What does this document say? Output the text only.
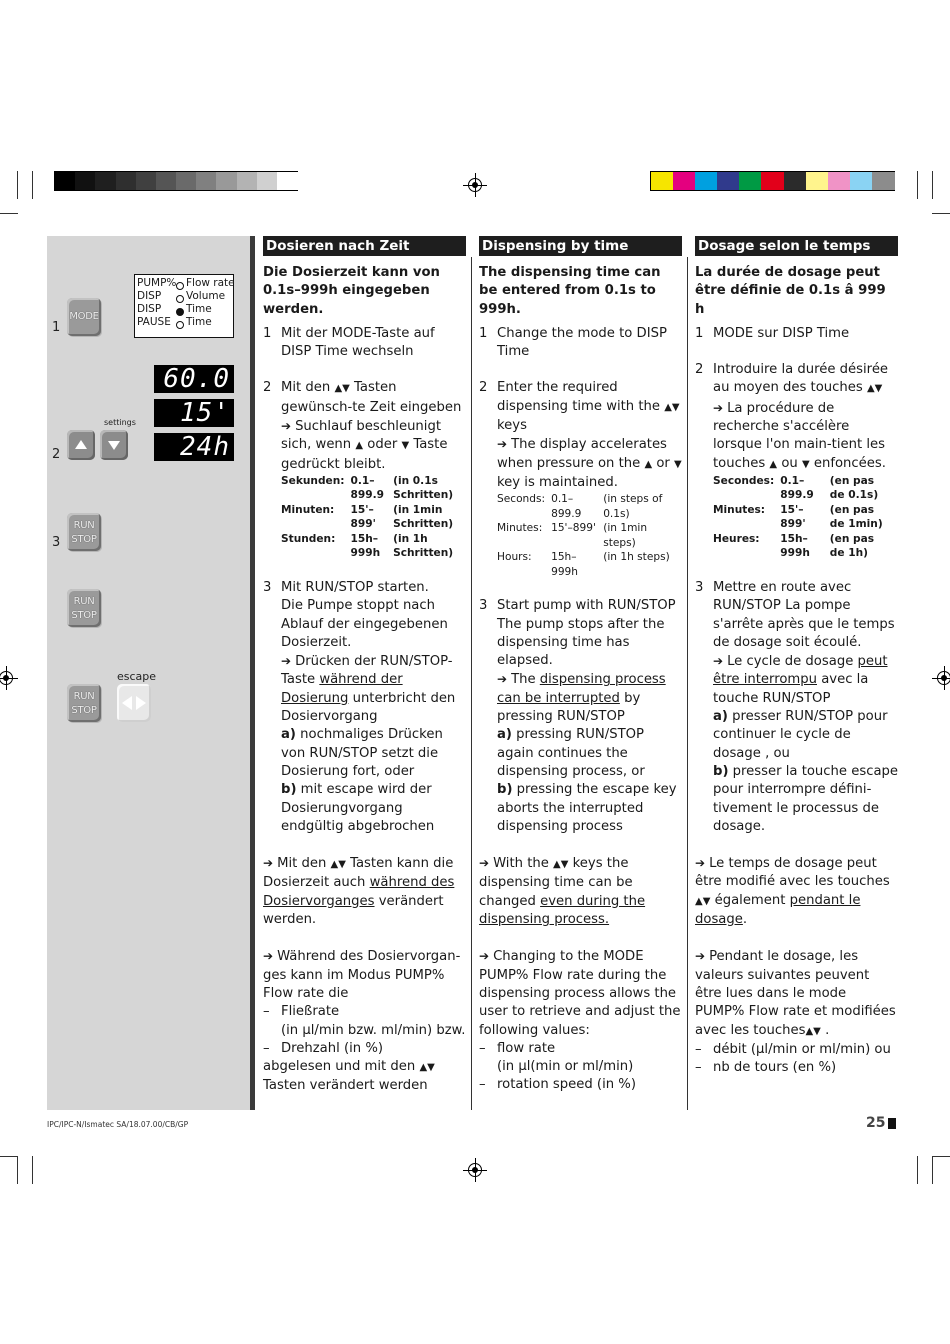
1
MODE
PUMP% Flow rate
DISP Volume
DISP Time
PAUSE Time
60.0
15'
24h
2
settings
3
RUN
STOP
RUN
STOP
escape
RUN
STOP
Dosieren nach Zeit
Die Dosierzeit kann von 0.1s–999h eingegeben werden.
1 Mit der MODE-Taste auf DISP Time wechseln
2 Mit den ▲▼ Tasten gewünsch-te Zeit eingeben
➔ Suchlauf beschleunigt sich, wenn ▲ oder ▼ Taste gedrückt bleibt.
Sekunden:	0.1–899.9	(in 0.1s Schritten)
Minuten:	15'–899'	(in 1min Schritten)
Stunden:	15h–999h	(in 1h Schritten)
3 Mit RUN/STOP starten.
Die Pumpe stoppt nach Ablauf der eingegebenen Dosierzeit.
➔ Drücken der RUN/STOP-Taste während der Dosierung unterbricht den Dosiervorgang
a) nochmaliges Drücken von RUN/STOP setzt die Dosierung fort, oder
b) mit escape wird der Dosierungvorgang endgültig abgebrochen
➔ Mit den ▲▼ Tasten kann die Dosierzeit auch während des Dosiervorganges verändert werden.
➔ Während des Dosiervorgan-ges kann im Modus PUMP% Flow rate die
– Fließrate
(in µl/min bzw. ml/min) bzw.
– Drehzahl (in %)
abgelesen und mit den ▲▼ Tasten verändert werden
Dispensing by time
The dispensing time can be entered from 0.1s to 999h.
1 Change the mode to DISP Time
2 Enter the required dispensing time with the ▲▼ keys
➔ The display accelerates when pressure on the ▲ or ▼ key is maintained.
Seconds:	0.1–899.9	(in steps of 0.1s)
Minutes:	15'–899'	(in 1min steps)
Hours:	15h–999h	(in 1h steps)
3 Start pump with RUN/STOP The pump stops after the dispensing time has elapsed.
➔ The dispensing process can be interrupted by pressing RUN/STOP
a) pressing RUN/STOP again continues the dispensing process, or
b) pressing the escape key aborts the interrupted dispensing process
➔ With the ▲▼ keys the dispensing time can be changed even during the dispensing process.
➔ Changing to the MODE PUMP% Flow rate during the dispensing process allows the user to retrieve and adjust the following values:
– flow rate
(in µl(min or ml/min)
– rotation speed (in %)
Dosage selon le temps
La durée de dosage peut être définie de 0.1s â 999 h
1 MODE sur DISP Time
2 Introduire la durée désirée au moyen des touches ▲▼
➔ La procédure de recherche s'accélère lorsque l'on main-tient les touches ▲ ou ▼ enfoncées.
Secondes:	0.1–899.9	(en pas de 0.1s)
Minutes:	15'–899'	(en pas de 1min)
Heures:	15h–999h	(en pas de 1h)
3 Mettre en route avec RUN/STOP La pompe s'arrête après que le temps de dosage soit écoulé.
➔ Le cycle de dosage peut être interrompu avec la touche RUN/STOP
a) presser RUN/STOP pour continuer le cycle de dosage , ou
b) presser la touche escape pour interrompre défini-tivement le processus de dosage.
➔ Le temps de dosage peut être modifié avec les touches ▲▼ également pendant le dosage.
➔ Pendant le dosage, les valeurs suivantes peuvent être lues dans le mode PUMP% Flow rate et modifiées avec les touches▲▼ .
– débit (µl/min or ml/min) ou
– nb de tours (en %)
IPC/IPC-N/Ismatec SA/18.07.00/CB/GP	25
